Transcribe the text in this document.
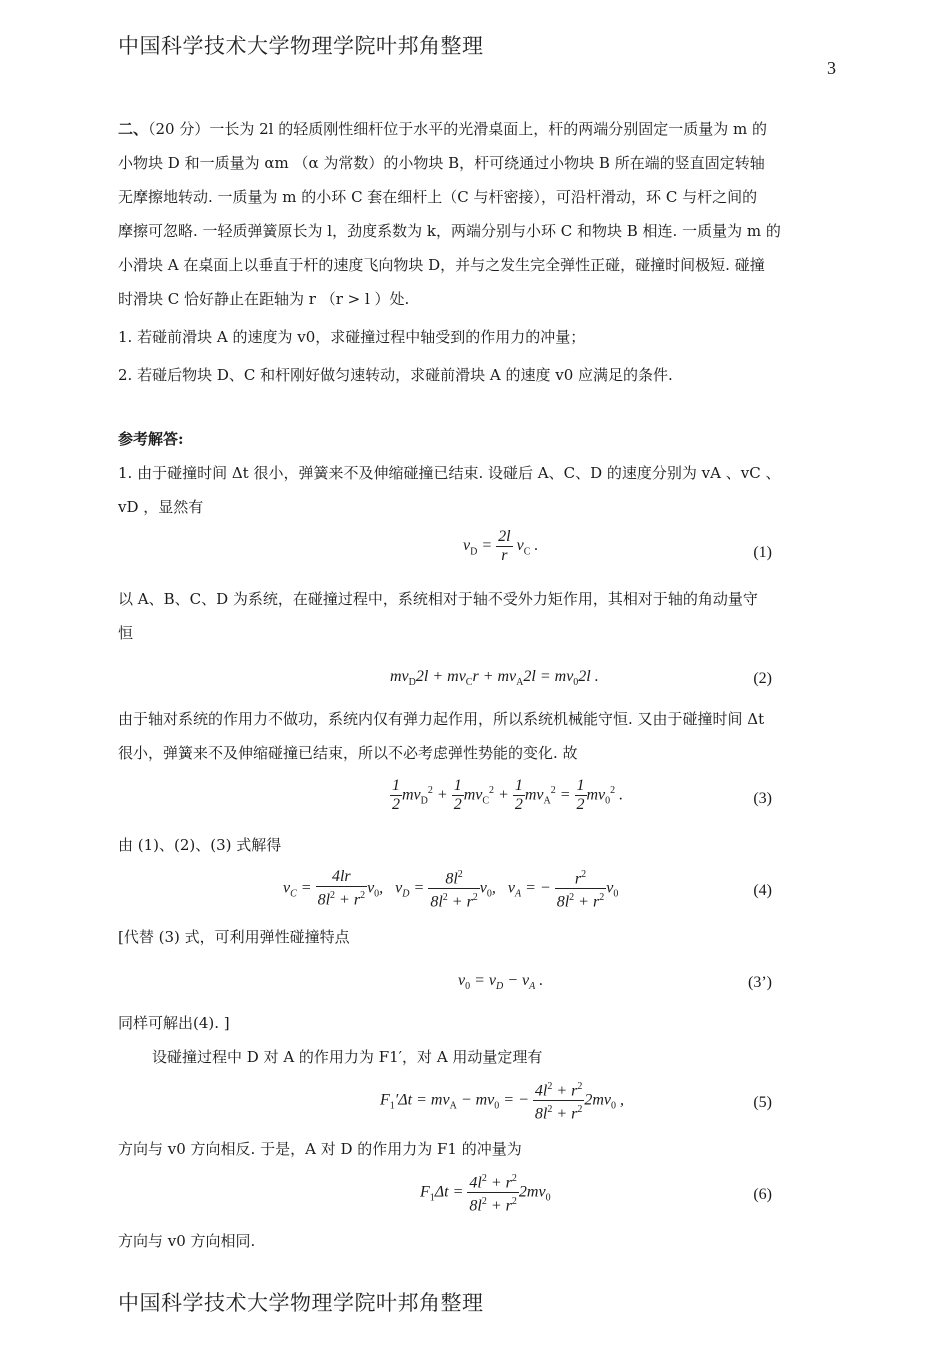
中国科学技术大学物理学院叶邦角整理
3

二、（20 分）一长为 2l 的轻质刚性细杆位于水平的光滑桌面上，杆的两端分别固定一质量为 m 的

小物块 D 和一质量为 αm （α 为常数）的小物块 B，杆可绕通过小物块 B 所在端的竖直固定转轴

无摩擦地转动. 一质量为 m 的小环 C 套在细杆上（C 与杆密接），可沿杆滑动，环 C 与杆之间的

摩擦可忽略. 一轻质弹簧原长为 l，劲度系数为 k，两端分别与小环 C 和物块 B 相连. 一质量为 m 的

小滑块 A 在桌面上以垂直于杆的速度飞向物块 D，并与之发生完全弹性正碰，碰撞时间极短. 碰撞

时滑块 C 恰好静止在距轴为 r （r > l ）处.

1. 若碰前滑块 A 的速度为 v0，求碰撞过程中轴受到的作用力的冲量；

2. 若碰后物块 D、C 和杆刚好做匀速转动，求碰前滑块 A 的速度 v0 应满足的条件.

参考解答:

1. 由于碰撞时间 Δt 很小，弹簧来不及伸缩碰撞已结束. 设碰后 A、C、D 的速度分别为 vA 、vC 、

vD ，显然有

$v_D = \frac{2l}{r} v_C$ .	(1)

以 A、B、C、D 为系统，在碰撞过程中，系统相对于轴不受外力矩作用，其相对于轴的角动量守

恒

$mv_D2l + mv_Cr + mv_A2l = mv_02l$ .	(2)

由于轴对系统的作用力不做功，系统内仅有弹力起作用，所以系统机械能守恒. 又由于碰撞时间 Δt

很小，弹簧来不及伸缩碰撞已结束，所以不必考虑弹性势能的变化. 故

$\frac{1}{2} mv_D^2 + \frac{1}{2} mv_C^2 + \frac{1}{2} mv_A^2 = \frac{1}{2} mv_0^2$ .	(3)

由 (1)、(2)、(3) 式解得

$v_C = \frac{4lr}{8l^2 + r^2} v_0$,   $v_D = \frac{8l^2}{8l^2 + r^2} v_0$,   $v_A$ = − $\frac{r^2}{8l^2 + r^2} v_0$	(4)

[代替 (3) 式，可利用弹性碰撞特点

$v_0 = v_D - v_A$ .	(3’)

同样可解出(4). ]

设碰撞过程中 D 对 A 的作用力为 F1′，对 A 用动量定理有

$F_1'\Delta t = mv_A - mv_0$ = − $\frac{4l^2 + r^2}{8l^2 + r^2} 2mv_0$ ,	(5)

方向与 v0 方向相反. 于是，A 对 D 的作用力为 F1 的冲量为

$F_1\Delta t = \frac{4l^2 + r^2}{8l^2 + r^2} 2mv_0$	(6)

方向与 v0 方向相同.

中国科学技术大学物理学院叶邦角整理
